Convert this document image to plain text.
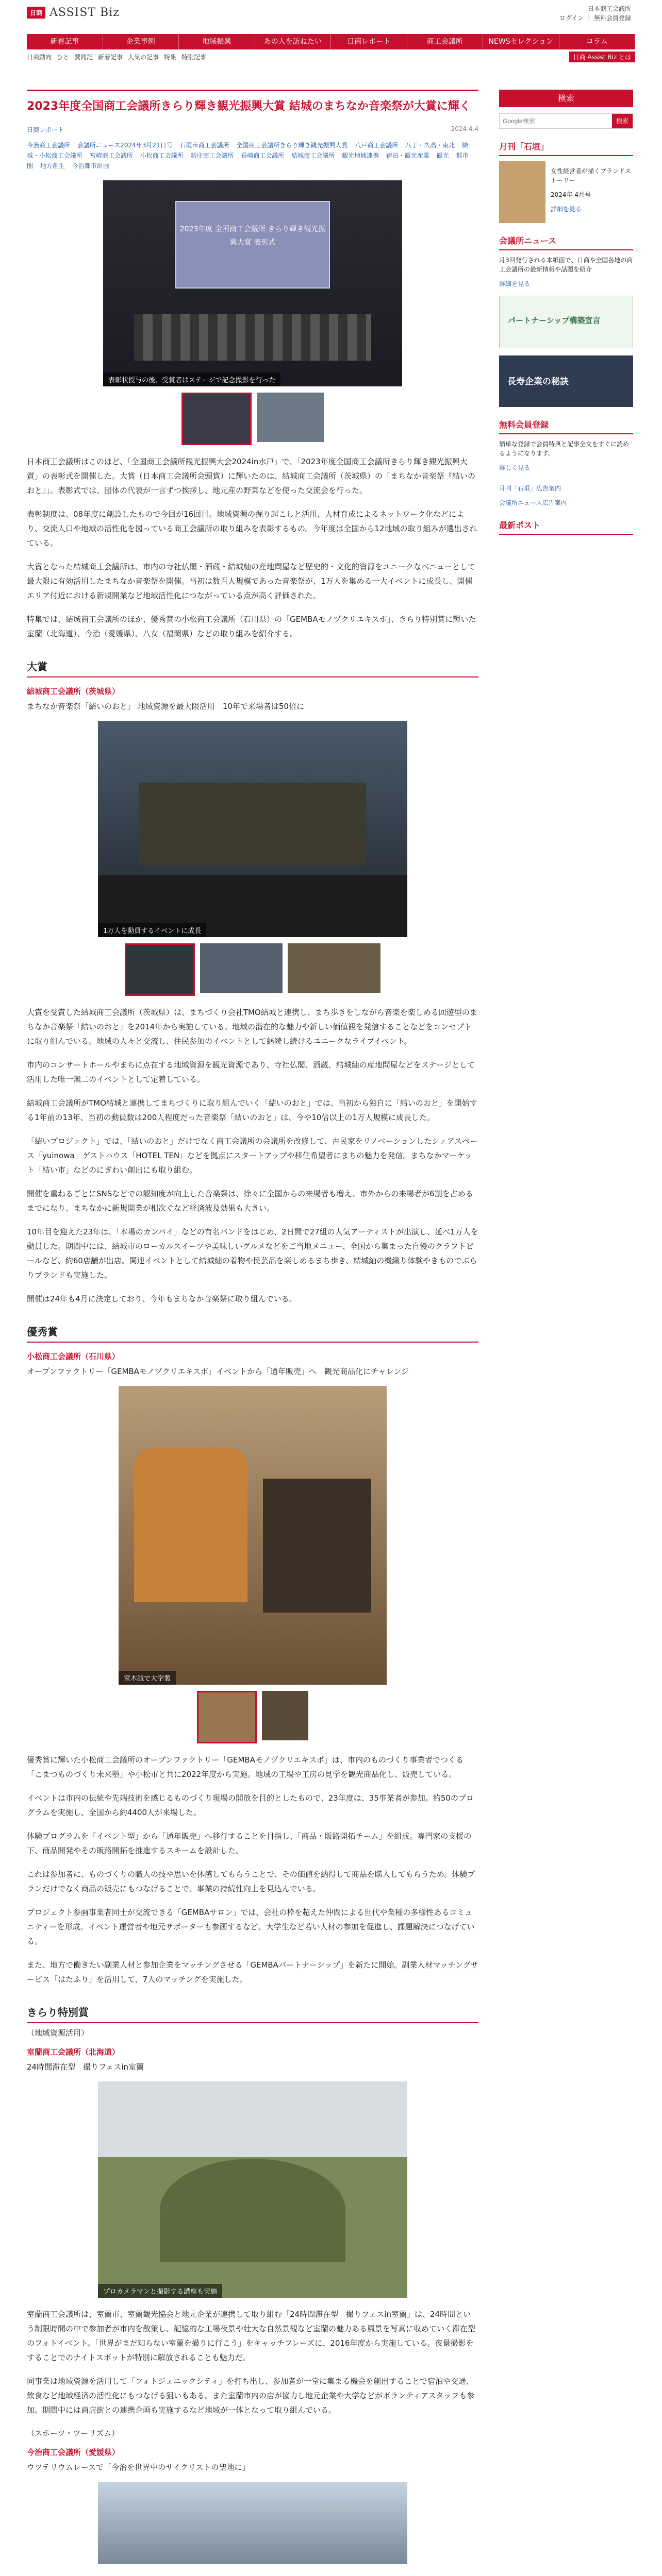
日商 ASSIST Biz	日本商工会議所
ログイン ｜ 無料会員登録
新着記事	企業事例	地域振興	あの人を訪ねたい	日商レポート	商工会議所	NEWSセレクション	コラム
日商動向 ひと 賛同記 新着記事 人気の記事 特集 特別記事	日商 Assist Biz とは
2023年度全国商工会議所きらり輝き観光振興大賞 結城のまちなか音楽祭が大賞に輝く
日商レポート	2024.4.4
今治商工会議所 会議所ニュース2024年3月21日号 石垣市商工会議所 全国商工会議所きらり輝き観光振興大賞 八戸商工会議所 八丁・久高・東北 結城・小松商工会議所 宮崎商工会議所 小松商工会議所 新庄商工会議所 長崎商工会議所 結城商工会議所 観光地域連携 宿泊・観光産業 観光 都市圏 地方創生 今治都市計画
2023年度 全国商工会議所 きらり輝き観光振興大賞 表彰式
表彰状授与の後、受賞者はステージで記念撮影を行った

日本商工会議所はこのほど、「全国商工会議所観光振興大会2024in水戸」で、「2023年度全国商工会議所きらり輝き観光振興大賞」の表彰式を開催した。大賞（日本商工会議所会頭賞）に輝いたのは、結城商工会議所（茨城県）の「まちなか音楽祭『結いのおと』」。表彰式では、団体の代表が一言ずつ挨拶し、地元産の野菜などを使った交流会を行った。

表彰制度は、08年度に創設したもので今回が16回目。地域資源の掘り起こしと活用、人材育成によるネットワーク化などにより、交流人口や地域の活性化を図っている商工会議所の取り組みを表彰するもの。今年度は全国から12地域の取り組みが選出されている。

大賞となった結城商工会議所は、市内の寺社仏閣・酒蔵・結城紬の産地問屋など歴史的・文化的資源をユニークなベニューとして最大限に有効活用したまちなか音楽祭を開催。当初は数百人規模であった音楽祭が、1万人を集める一大イベントに成長し、開催エリア付近における新規開業など地域活性化につながっている点が高く評価された。

特集では、結城商工会議所のほか、優秀賞の小松商工会議所（石川県）の「GEMBAモノヅクリエキスポ」、きらり特別賞に輝いた室蘭（北海道）、今治（愛媛県）、八女（福岡県）などの取り組みを紹介する。

大賞
結城商工会議所（茨城県）
まちなか音楽祭「結いのおと」 地域資源を最大限活用　10年で来場者は50倍に
1万人を動員するイベントに成長

大賞を受賞した結城商工会議所（茨城県）は、まちづくり会社TMO結城と連携し、まち歩きをしながら音楽を楽しめる回遊型のまちなか音楽祭「結いのおと」を2014年から実施している。地域の潜在的な魅力や新しい価値観を発信することなどをコンセプトに取り組んでいる。地域の人々と交流し、住民参加のイベントとして継続し続けるユニークなライブイベント。

市内のコンサートホールやまちに点在する地域資源を観光資源であり、寺社仏閣、酒蔵、結城紬の産地問屋などをステージとして活用した唯一無二のイベントとして定着している。

結城商工会議所がTMO結城と連携してまちづくりに取り組んでいく「結いのおと」では、当初から独自に「結いのおと」を開始する1年前の13年、当初の動員数は200人程度だった音楽祭「結いのおと」は、今や10倍以上の1万人規模に成長した。

「結いプロジェクト」では、「結いのおと」だけでなく商工会議所の会議所を改修して、古民家をリノベーションしたシェアスペース「yuinowa」ゲストハウス「HOTEL TEN」などを拠点にスタートアップや移住希望者にまちの魅力を発信。まちなかマーケット「結い市」などのにぎわい創出にも取り組む。

開催を重ねるごとにSNSなどでの認知度が向上した音楽祭は、徐々に全国からの来場者も増え、市外からの来場者が6割を占めるまでになり、まちなかに新規開業が相次ぐなど経済波及効果も大きい。

10年目を迎えた23年は、「本場のカンパイ」などの有名バンドをはじめ、2日間で27組の人気アーティストが出演し、延べ1万人を動員した。期間中には、結城市のローカルスイーツや美味しいグルメなどをご当地メニュー、全国から集まった自慢のクラフトビールなど、約60店舗が出店。関連イベントとして結城紬の着物や民芸品を楽しめるまち歩き、結城紬の機織り体験やきものでぶらりブランドも実施した。

開催は24年も4月に決定しており、今年もまちなか音楽祭に取り組んでいる。

優秀賞
小松商工会議所（石川県）
オープンファクトリー「GEMBAモノヅクリエキスポ」イベントから「通年販売」へ　観光商品化にチャレンジ
室木誠で大学製

優秀賞に輝いた小松商工会議所のオープンファクトリー「GEMBAモノヅクリエキスポ」は、市内のものづくり事業者でつくる「こまつものづくり未来塾」や小松市と共に2022年度から実施。地域の工場や工房の見学を観光商品化し、販売している。

イベントは市内の伝統や先端技術を感じるものづくり現場の開放を目的としたもので、23年度は、35事業者が参加。約50のプログラムを実施し、全国から約4400人が来場した。

体験プログラムを「イベント型」から「通年販売」へ移行することを目指し、「商品・販路開拓チーム」を組成。専門家の支援の下、商品開発やその販路開拓を推進するスキームを設計した。

これは参加者に、ものづくりの職人の技や思いを体感してもらうことで、その価値を納得して商品を購入してもらうため。体験プランだけでなく商品の販売にもつなげることで、事業の持続性向上を見込んでいる。

プロジェクト参画事業者同士が交流できる「GEMBAサロン」では、会社の枠を超えた仲間による世代や業種の多様性あるコミュニティーを形成。イベント運営者や地元サポーターも参画するなど、大学生など若い人材の参加を促進し、課題解決につなげている。

また、地方で働きたい副業人材と参加企業をマッチングさせる「GEMBAパートナーシップ」を新たに開始。副業人材マッチングサービス「はたふり」を活用して、7人のマッチングを実施した。

きらり特別賞
（地域資源活用）
室蘭商工会議所（北海道）
24時間滞在型　撮りフェスin室蘭
プロカメラマンと撮影する講座も実施

室蘭商工会議所は、室蘭市、室蘭観光協会と地元企業が連携して取り組む「24時間滞在型　撮りフェスin室蘭」は、24時間という制限時間の中で参加者が市内を散策し、記憶的な工場夜景や壮大な自然景観など室蘭の魅力ある風景を写真に収めていく滞在型のフォトイベント。「世界がまだ知らない室蘭を撮りに行こう」をキャッチフレーズに、2016年度から実施している。夜景撮影をすることでのナイトスポットが特別に解放されることも魅力だ。

同事業は地域資源を活用して「フォトジェニックシティ」を打ち出し、参加者が一堂に集まる機会を創出することで宿泊や交通、飲食など地域経済の活性化にもつなげる狙いもある。また室蘭市内の店が協力し地元企業や大学などがボランティアスタッフも参加。期間中には商店街との連携企画も実施するなど地域が一体となって取り組んでいる。

（スポーツ・ツーリズム）
今治商工会議所（愛媛県）
ウツテリウムレースで「今治を世界中のサイクリストの聖地に」
検索
Google検索
検索
月刊「石垣」
女性経営者が描くブランドストーリー
2024年 4月号
詳細を見る
会議所ニュース
月3回発行される本紙面で、日商や全国各地の商工会議所の最新情報や話題を紹介
詳細を見る
パートナーシップ構築宣言
長寿企業の秘訣
無料会員登録
簡単な登録で会員特典と記事全文をすぐに読めるようになります。
詳しく見る
月刊「石垣」広告案内
会議所ニュース広告案内
最新ポスト
